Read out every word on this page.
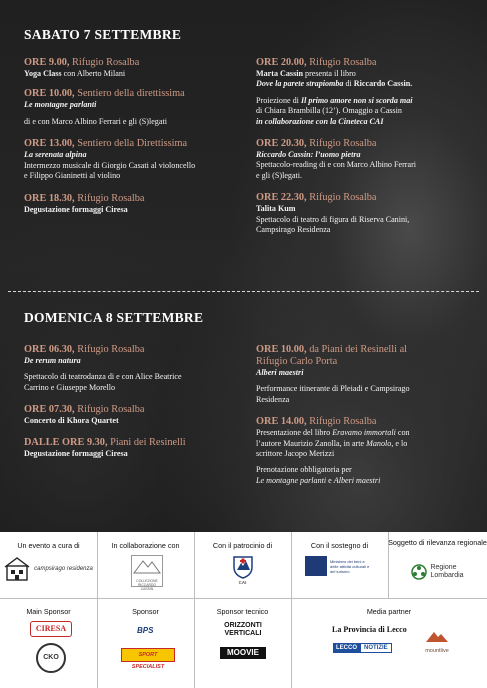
SABATO 7 SETTEMBRE
ORE 9.00, Rifugio Rosalba
Yoga Class con Alberto Milani
ORE 10.00, Sentiero della direttissima
Le montagne parlanti
di e con Marco Albino Ferrari e gli (S)legati
ORE 13.00, Sentiero della Direttissima
La serenata alpina
Intermezzo musicale di Giorgio Casati al violoncello
e Filippo Gianinetti al violino
ORE 18.30, Rifugio Rosalba
Degustazione formaggi Ciresa
ORE 20.00, Rifugio Rosalba
Marta Cassin presenta il libro
Dove la parete strapiomba di Riccardo Cassin.
Proiezione di Il primo amore non si scorda mai
di Chiara Brambilla (12’). Omaggio a Cassin
in collaborazione con la Cineteca CAI
ORE 20.30, Rifugio Rosalba
Riccardo Cassin: l’uomo pietra
Spettacolo-reading di e con Marco Albino Ferrari
e gli (S)legati.
ORE 22.30, Rifugio Rosalba
Talita Kum
Spettacolo di teatro di figura di Riserva Canini,
Campsirago Residenza
DOMENICA 8 SETTEMBRE
ORE 06.30, Rifugio Rosalba
De rerum natura
Spettacolo di teatrodanza di e con Alice Beatrice
Carrino e Giuseppe Morello
ORE 07.30, Rifugio Rosalba
Concerto di Khora Quartet
DALLE ORE 9.30, Piani dei Resinelli
Degustazione formaggi Ciresa
ORE 10.00, da Piani dei Resinelli al
Rifugio Carlo Porta
Alberi maestri
Performance itinerante di Pleiadi e Campsirago
Residenza
ORE 14.00, Rifugio Rosalba
Presentazione del libro Eravamo immortali con
l’autore Maurizio Zanolla, in arte Manolo, e lo
scrittore Jacopo Merizzi
Prenotazione obbligatoria per
Le montagne parlanti e Alberi maestri
Un evento a cura di
campsirago residenza
In collaborazione con
COLLEZIONE RICCARDO CASSIN
Con il patrocinio di
CAI
Con il sostegno di
Ministero dei beni e delle attività culturali e del turismo
Soggetto di rilevanza regionale
Regione
Lombardia
Main Sponsor
CIRESA
CKO
Sponsor
BPS
SPORT SPECIALIST
Sponsor tecnico
ORIZZONTI VERTICALI
MOOVIE
Media partner
La Provincia di Lecco
LECCO	NOTIZIE	mountlive
